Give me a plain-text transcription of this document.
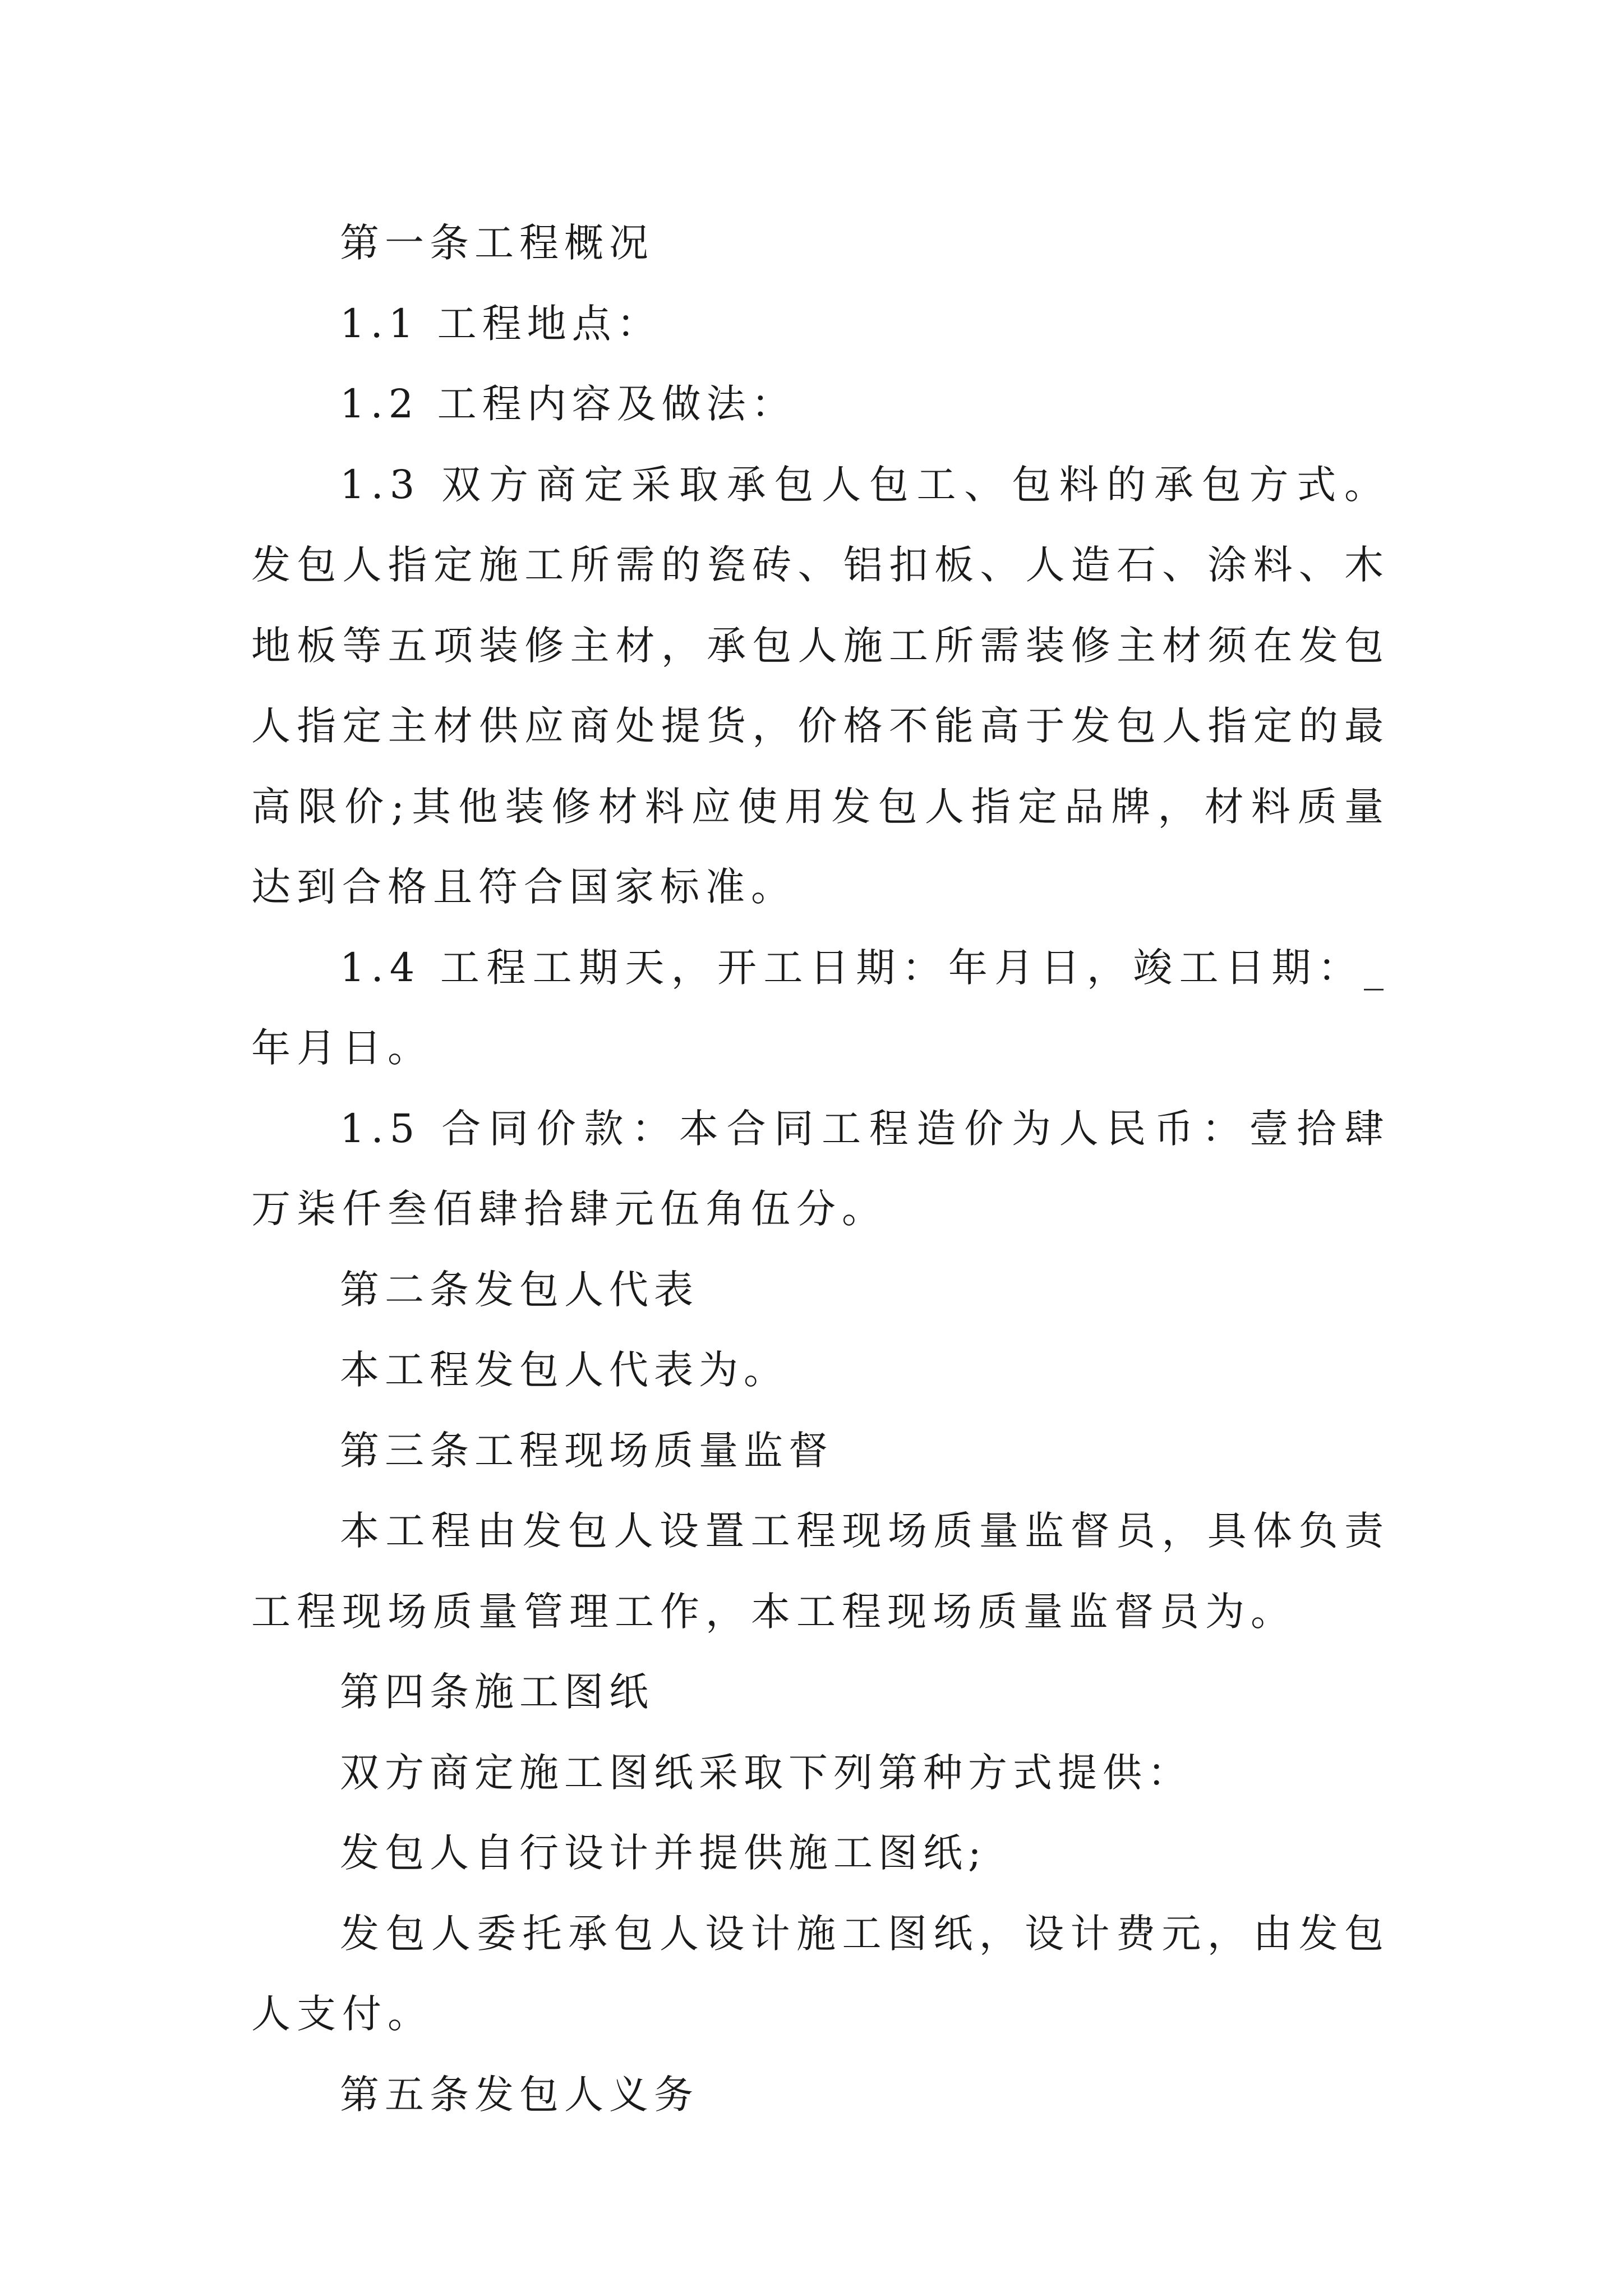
第一条工程概况

1.1 工程地点：

1.2 工程内容及做法：

1.3 双方商定采取承包人包工、包料的承包方式。发包人指定施工所需的瓷砖、铝扣板、人造石、涂料、木地板等五项装修主材，承包人施工所需装修主材须在发包人指定主材供应商处提货，价格不能高于发包人指定的最高限价;其他装修材料应使用发包人指定品牌，材料质量达到合格且符合国家标准。

1.4 工程工期天，开工日期：年月日，竣工日期：_年月日。

1.5 合同价款：本合同工程造价为人民币：壹拾肆万柒仟叁佰肆拾肆元伍角伍分。

第二条发包人代表

本工程发包人代表为。

第三条工程现场质量监督

本工程由发包人设置工程现场质量监督员，具体负责工程现场质量管理工作，本工程现场质量监督员为。

第四条施工图纸

双方商定施工图纸采取下列第种方式提供：

发包人自行设计并提供施工图纸;

发包人委托承包人设计施工图纸，设计费元，由发包人支付。

第五条发包人义务
